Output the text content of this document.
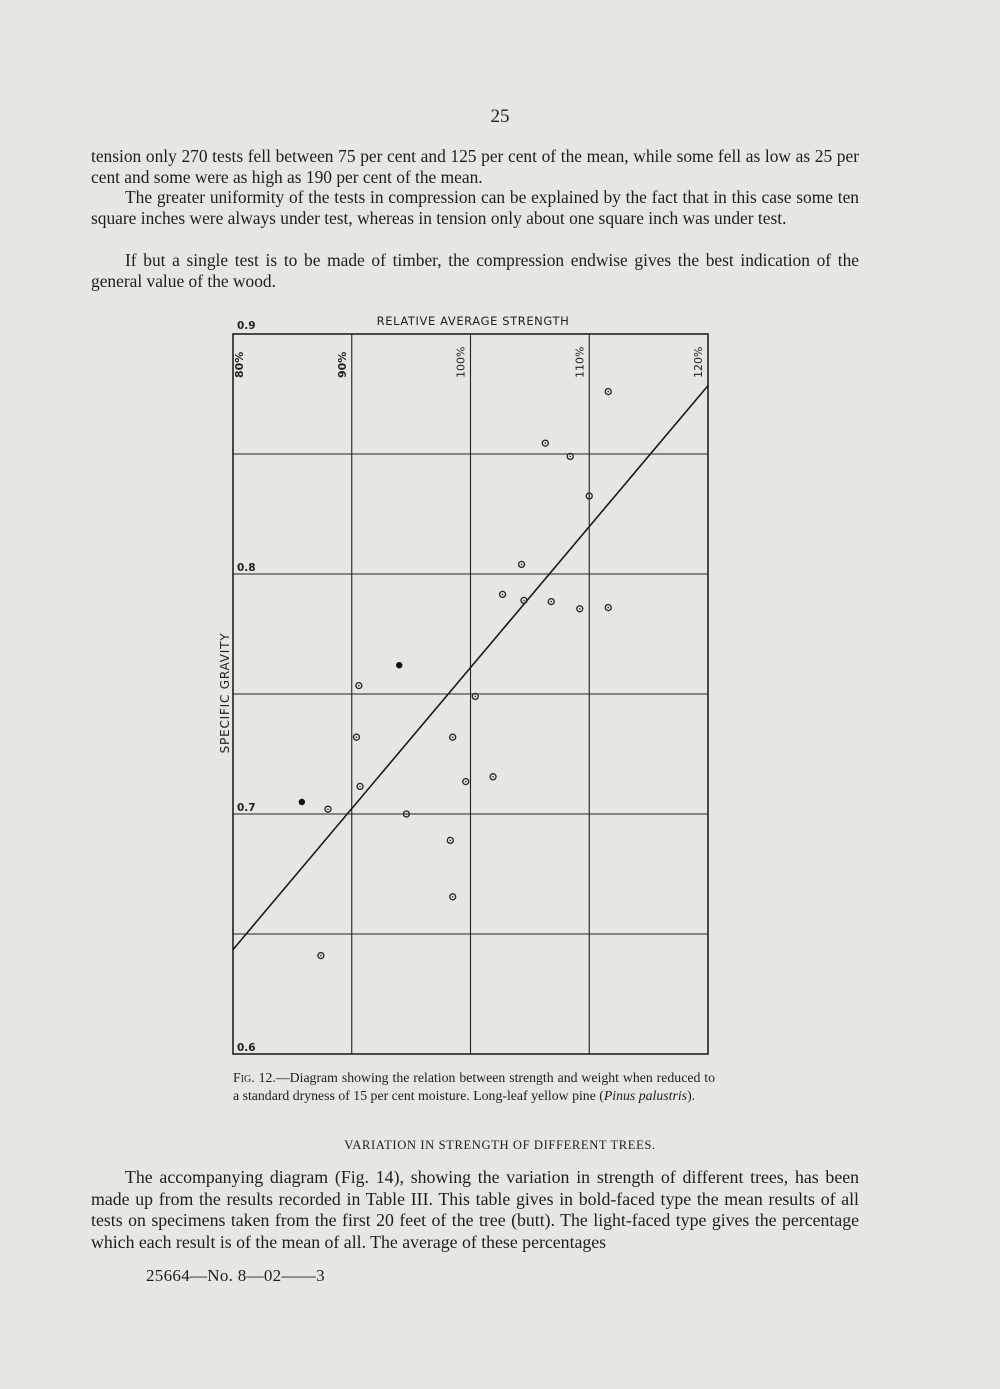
25

tension only 270 tests fell between 75 per cent and 125 per cent of the mean, while some fell as low as 25 per cent and some were as high as 190 per cent of the mean.

The greater uniformity of the tests in compression can be explained by the fact that in this case some ten square inches were always under test, whereas in tension only about one square inch was under test.

If but a single test is to be made of timber, the compression endwise gives the best indication of the general value of the wood.

80%	90%	100%	110%	120%
0.9
0.8
0.7
0.6
RELATIVE AVERAGE STRENGTH
SPECIFIC GRAVITY

Fig. 12.—Diagram showing the relation between strength and weight when reduced to a standard dryness of 15 per cent moisture. Long-leaf yellow pine (Pinus palustris).

VARIATION IN STRENGTH OF DIFFERENT TREES.

The accompanying diagram (Fig. 14), showing the variation in strength of different trees, has been made up from the results recorded in Table III. This table gives in bold-faced type the mean results of all tests on specimens taken from the first 20 feet of the tree (butt). The light-faced type gives the percentage which each result is of the mean of all. The average of these percentages

25664—No. 8—02——3
